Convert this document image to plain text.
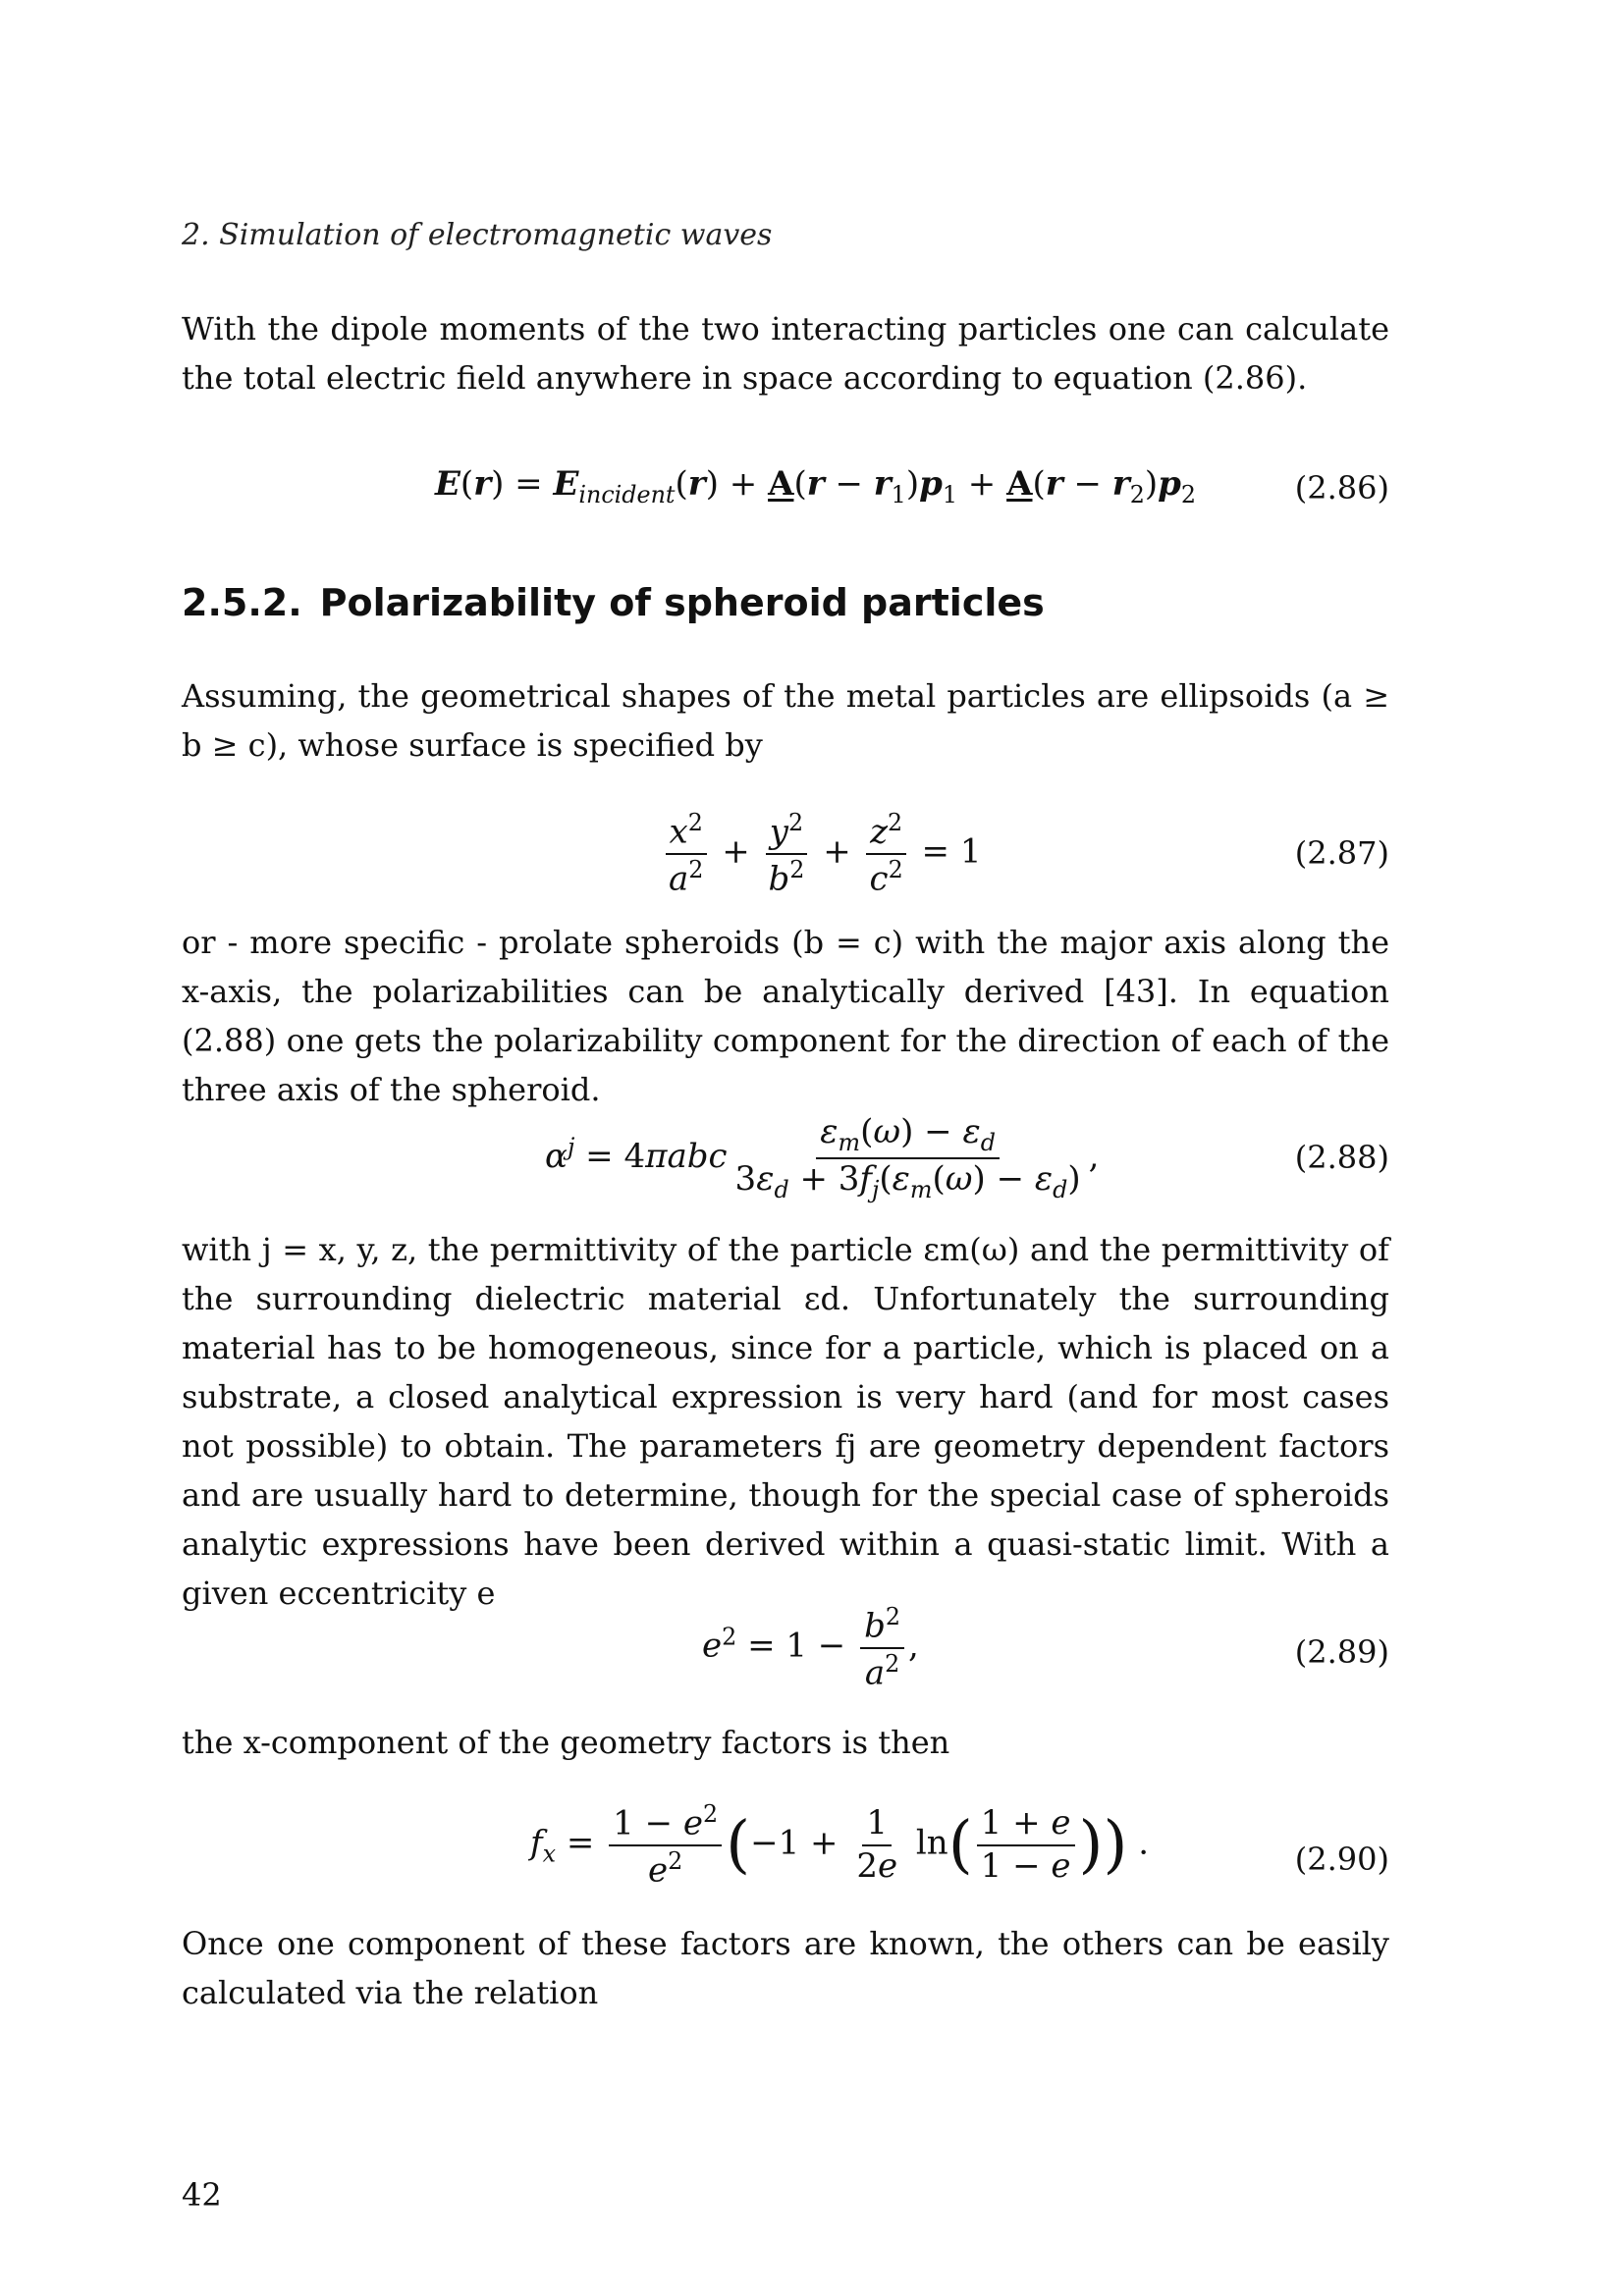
2. Simulation of electromagnetic waves
With the dipole moments of the two interacting particles one can calculate the total electric field anywhere in space according to equation (2.86).
$E(r) = E_{incident}(r) + A(r - r_1)p_1 + A(r - r_2)p_2$	(2.86)
2.5.2. Polarizability of spheroid particles
Assuming, the geometrical shapes of the metal particles are ellipsoids (a ≥ b ≥ c), whose surface is specified by
$\frac{x^2}{a^2} + \frac{y^2}{b^2} + \frac{z^2}{c^2} = 1$	(2.87)
or - more specific - prolate spheroids (b = c) with the major axis along the x-axis, the polarizabilities can be analytically derived [43]. In equation (2.88) one gets the polarizability component for the direction of each of the three axis of the spheroid.
$\alpha^j = 4\pi abc \frac{\varepsilon_m(\omega) - \varepsilon_d}{3\varepsilon_d + 3f_j(\varepsilon_m(\omega) - \varepsilon_d)}$ ,	(2.88)
with j = x, y, z, the permittivity of the particle εm(ω) and the permittivity of the surrounding dielectric material εd. Unfortunately the surrounding material has to be homogeneous, since for a particle, which is placed on a substrate, a closed analytical expression is very hard (and for most cases not possible) to obtain. The parameters fj are geometry dependent factors and are usually hard to determine, though for the special case of spheroids analytic expressions have been derived within a quasi-static limit. With a given eccentricity e
$e^2 = 1 - \frac{b^2}{a^2}$ ,	(2.89)
the x-component of the geometry factors is then
$f_x = \frac{1 - e^2}{e^2} (-1 + \frac{1}{2e} \ln( \frac{1 + e}{1 - e}$ )) .	(2.90)
Once one component of these factors are known, the others can be easily calculated via the relation
42
